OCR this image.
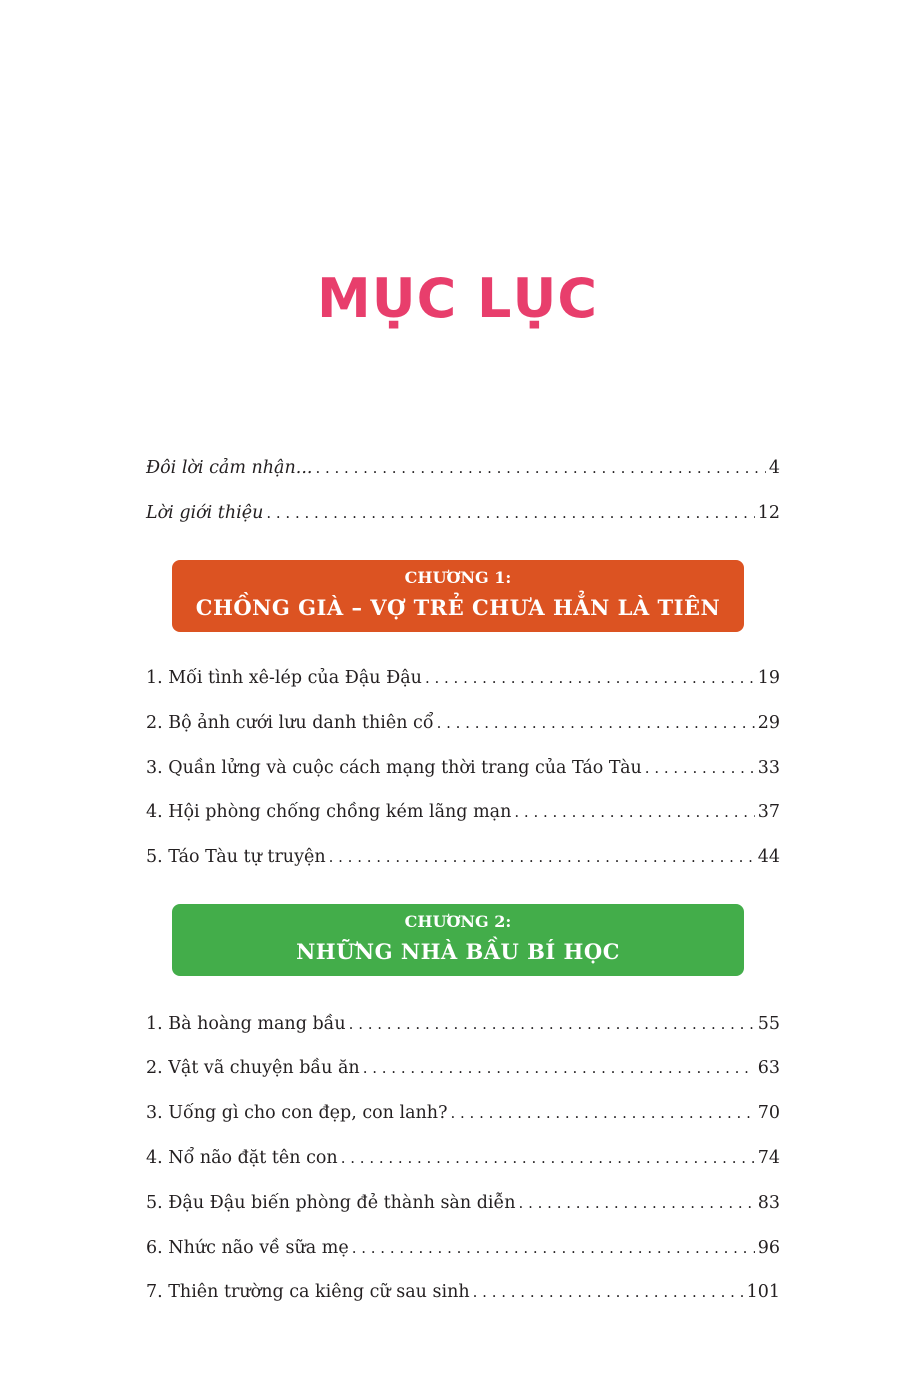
MỤC LỤC
Đôi lời cảm nhận... . . .	4
Lời giới thiệu . . .	12
CHƯƠNG 1:
CHỒNG GIÀ – VỢ TRẺ CHƯA HẲN LÀ TIÊN
1. Mối tình xê-lép của Đậu Đậu . . .	19
2. Bộ ảnh cưới lưu danh thiên cổ . . .	29
3. Quần lửng và cuộc cách mạng thời trang của Táo Tàu . . .	33
4. Hội phòng chống chồng kém lãng mạn . . .	37
5. Táo Tàu tự truyện . . .	44
CHƯƠNG 2:
NHỮNG NHÀ BẦU BÍ HỌC
1. Bà hoàng mang bầu . . .	55
2. Vật vã chuyện bầu ăn . . .	63
3. Uống gì cho con đẹp, con lanh? . . .	70
4. Nổ não đặt tên con . . .	74
5. Đậu Đậu biến phòng đẻ thành sàn diễn . . .	83
6. Nhức não về sữa mẹ . . .	96
7. Thiên trường ca kiêng cữ sau sinh . . .	101
